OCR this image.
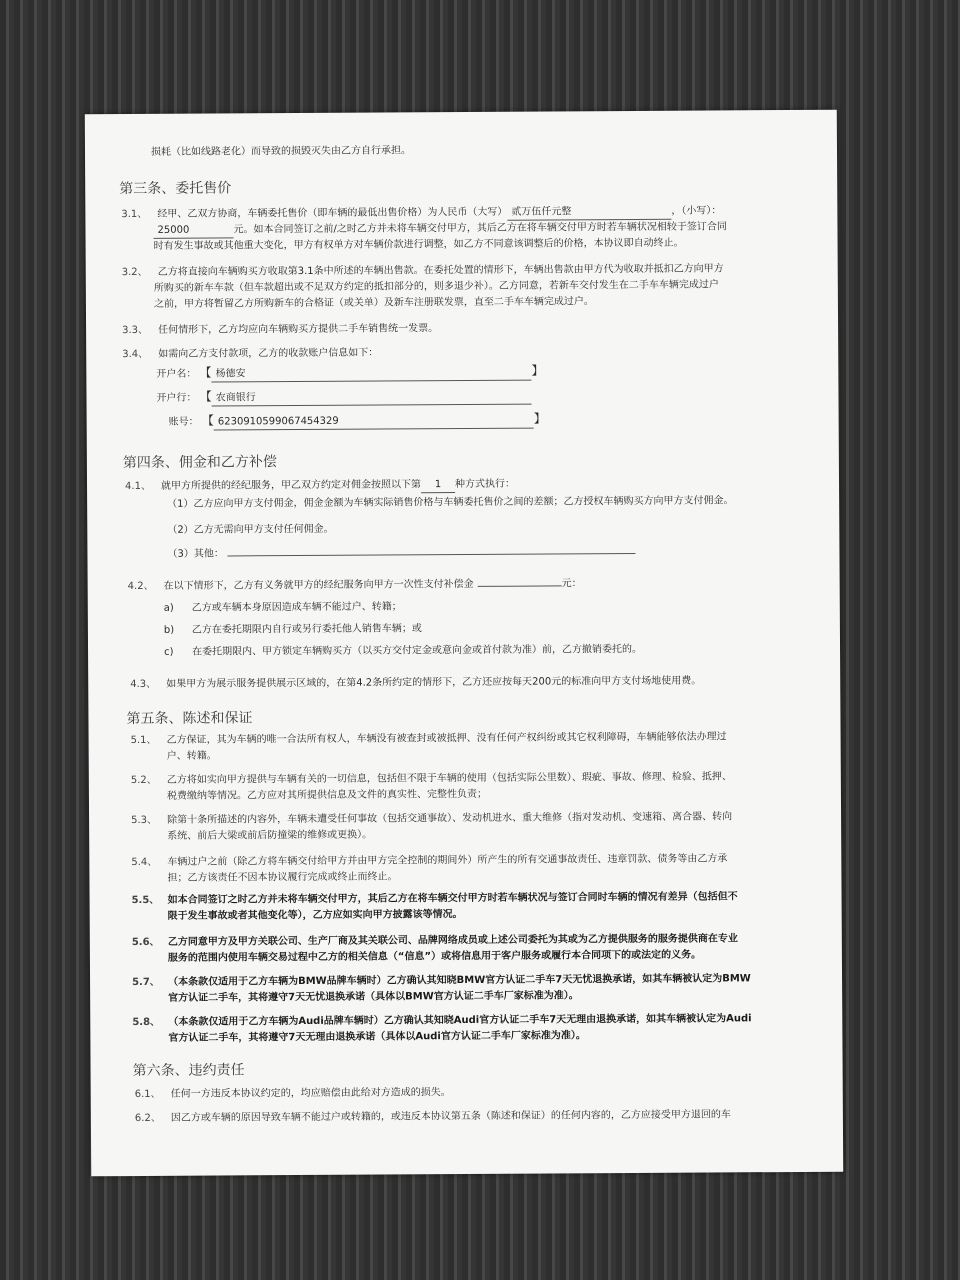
损耗（比如线路老化）而导致的损毁灭失由乙方自行承担。
第三条、委托售价
3.1、 经甲、乙双方协商，车辆委托售价（即车辆的最低出售价格）为人民币（大写） 贰万伍仟元整	，（小写）：
25000	元。如本合同签订之前/之时乙方并未将车辆交付甲方，其后乙方在将车辆交付甲方时若车辆状况相较于签订合同
时有发生事故或其他重大变化，甲方有权单方对车辆价款进行调整，如乙方不同意该调整后的价格，本协议即自动终止。
3.2、 乙方将直接向车辆购买方收取第3.1条中所述的车辆出售款。在委托处置的情形下，车辆出售款由甲方代为收取并抵扣乙方向甲方
所购买的新车车款（但车款超出或不足双方约定的抵扣部分的，则多退少补）。乙方同意，若新车交付发生在二手车车辆完成过户
之前，甲方将暂留乙方所购新车的合格证（或关单）及新车注册联发票，直至二手车车辆完成过户。
3.3、 任何情形下，乙方均应向车辆购买方提供二手车销售统一发票。
3.4、 如需向乙方支付款项，乙方的收款账户信息如下：
开户名： 【 杨德安	】
开户行： 【 农商银行
账号： 【 6230910599067454329	】
第四条、佣金和乙方补偿
4.1、 就甲方所提供的经纪服务，甲乙双方约定对佣金按照以下第 1 种方式执行：
（1）乙方应向甲方支付佣金，佣金金额为车辆实际销售价格与车辆委托售价之间的差额；乙方授权车辆购买方向甲方支付佣金。
（2）乙方无需向甲方支付任何佣金。
（3）其他：
4.2、 在以下情形下，乙方有义务就甲方的经纪服务向甲方一次性支付补偿金	元：
a) 乙方或车辆本身原因造成车辆不能过户、转籍；
b) 乙方在委托期限内自行或另行委托他人销售车辆；或
c) 在委托期限内、甲方锁定车辆购买方（以买方交付定金或意向金或首付款为准）前，乙方撤销委托的。
4.3、 如果甲方为展示服务提供展示区域的，在第4.2条所约定的情形下，乙方还应按每天200元的标准向甲方支付场地使用费。
第五条、陈述和保证
5.1、 乙方保证，其为车辆的唯一合法所有权人，车辆没有被查封或被抵押、没有任何产权纠纷或其它权利障碍，车辆能够依法办理过
户、转籍。
5.2、 乙方将如实向甲方提供与车辆有关的一切信息，包括但不限于车辆的使用（包括实际公里数）、瑕疵、事故、修理、检验、抵押、
税费缴纳等情况。乙方应对其所提供信息及文件的真实性、完整性负责；
5.3、 除第十条所描述的内容外，车辆未遭受任何事故（包括交通事故）、发动机进水、重大维修（指对发动机、变速箱、离合器、转向
系统、前后大梁或前后防撞梁的维修或更换）。
5.4、 车辆过户之前（除乙方将车辆交付给甲方并由甲方完全控制的期间外）所产生的所有交通事故责任、违章罚款、债务等由乙方承
担；乙方该责任不因本协议履行完成或终止而终止。
5.5、 如本合同签订之时乙方并未将车辆交付甲方，其后乙方在将车辆交付甲方时若车辆状况与签订合同时车辆的情况有差异（包括但不
限于发生事故或者其他变化等），乙方应如实向甲方披露该等情况。
5.6、 乙方同意甲方及甲方关联公司、生产厂商及其关联公司、品牌网络成员或上述公司委托为其或为乙方提供服务的服务提供商在专业
服务的范围内使用车辆交易过程中乙方的相关信息（“信息”）或将信息用于客户服务或履行本合同项下的或法定的义务。
5.7、 （本条款仅适用于乙方车辆为BMW品牌车辆时）乙方确认其知晓BMW官方认证二手车7天无忧退换承诺，如其车辆被认定为BMW
官方认证二手车，其将遵守7天无忧退换承诺（具体以BMW官方认证二手车厂家标准为准）。
5.8、 （本条款仅适用于乙方车辆为Audi品牌车辆时）乙方确认其知晓Audi官方认证二手车7天无理由退换承诺，如其车辆被认定为Audi
官方认证二手车，其将遵守7天无理由退换承诺（具体以Audi官方认证二手车厂家标准为准）。
第六条、违约责任
6.1、 任何一方违反本协议约定的，均应赔偿由此给对方造成的损失。
6.2、 因乙方或车辆的原因导致车辆不能过户或转籍的，或违反本协议第五条（陈述和保证）的任何内容的，乙方应接受甲方退回的车
